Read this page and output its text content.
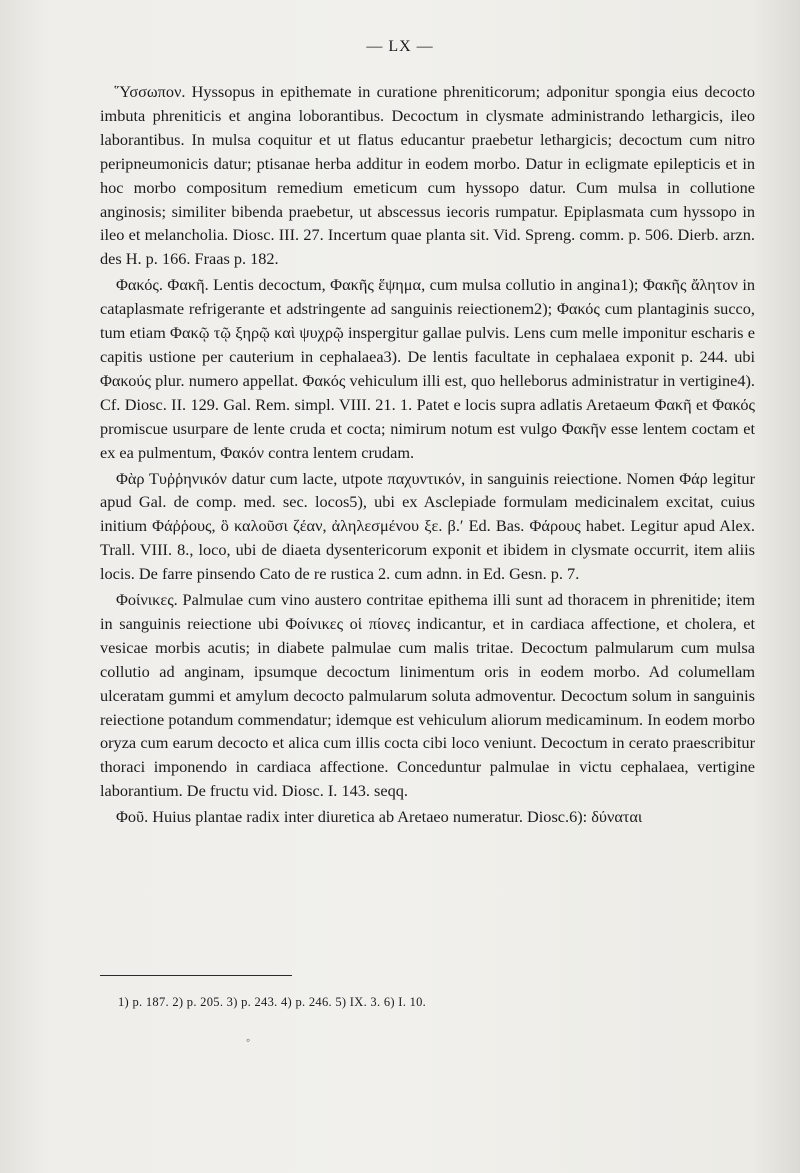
— LX —

῞Υσσωπον. Hyssopus in epithemate in curatione phreniticorum; adponitur spongia eius decocto imbuta phreniticis et angina loborantibus. Decoctum in clysmate administrando lethargicis, ileo laborantibus. In mulsa coquitur et ut flatus educantur praebetur lethargicis; decoctum cum nitro peripneumonicis datur; ptisanae herba additur in eodem morbo. Datur in ecligmate epilepticis et in hoc morbo compositum remedium emeticum cum hyssopo datur. Cum mulsa in collutione anginosis; similiter bibenda praebetur, ut abscessus iecoris rumpatur. Epiplasmata cum hyssopo in ileo et melancholia. Diosc. III. 27. Incertum quae planta sit. Vid. Spreng. comm. p. 506. Dierb. arzn. des H. p. 166. Fraas p. 182.

Φακός. Φακῆ. Lentis decoctum, Φακῆς ἕψημα, cum mulsa collutio in angina1); Φακῆς ἄλητον in cataplasmate refrigerante et adstringente ad sanguinis reiectionem2); Φακός cum plantaginis succo, tum etiam Φακῷ τῷ ξηρῷ καὶ ψυχρῷ inspergitur gallae pulvis. Lens cum melle imponitur escharis e capitis ustione per cauterium in cephalaea3). De lentis facultate in cephalaea exponit p. 244. ubi Φακούς plur. numero appellat. Φακός vehiculum illi est, quo helleborus administratur in vertigine4). Cf. Diosc. II. 129. Gal. Rem. simpl. VIII. 21. 1. Patet e locis supra adlatis Aretaeum Φακῆ et Φακός promiscue usurpare de lente cruda et cocta; nimirum notum est vulgo Φακῆν esse lentem coctam et ex ea pulmentum, Φακόν contra lentem crudam.

Φὰρ Τυῤῥηνικόν datur cum lacte, utpote παχυντικόν, in sanguinis reiectione. Nomen Φάρ legitur apud Gal. de comp. med. sec. locos5), ubi ex Asclepiade formulam medicinalem excitat, cuius initium Φάῤῥους, ὃ καλοῦσι ζέαν, ἀληλεσμένου ξε. β.′ Ed. Bas. Φάρους habet. Legitur apud Alex. Trall. VIII. 8., loco, ubi de diaeta dysentericorum exponit et ibidem in clysmate occurrit, item aliis locis. De farre pinsendo Cato de re rustica 2. cum adnn. in Ed. Gesn. p. 7.

Φοίνικες. Palmulae cum vino austero contritae epithema illi sunt ad thoracem in phrenitide; item in sanguinis reiectione ubi Φοίνικες οἱ πίονες indicantur, et in cardiaca affectione, et cholera, et vesicae morbis acutis; in diabete palmulae cum malis tritae. Decoctum palmularum cum mulsa collutio ad anginam, ipsumque decoctum linimentum oris in eodem morbo. Ad columellam ulceratam gummi et amylum decocto palmularum soluta admoventur. Decoctum solum in sanguinis reiectione potandum commendatur; idemque est vehiculum aliorum medicaminum. In eodem morbo oryza cum earum decocto et alica cum illis cocta cibi loco veniunt. Decoctum in cerato praescribitur thoraci imponendo in cardiaca affectione. Conceduntur palmulae in victu cephalaea, vertigine laborantium. De fructu vid. Diosc. I. 143. seqq.

Φοῦ. Huius plantae radix inter diuretica ab Aretaeo numeratur. Diosc.6): δύναται

1) p. 187. 2) p. 205. 3) p. 243. 4) p. 246. 5) IX. 3. 6) I. 10.
◦
